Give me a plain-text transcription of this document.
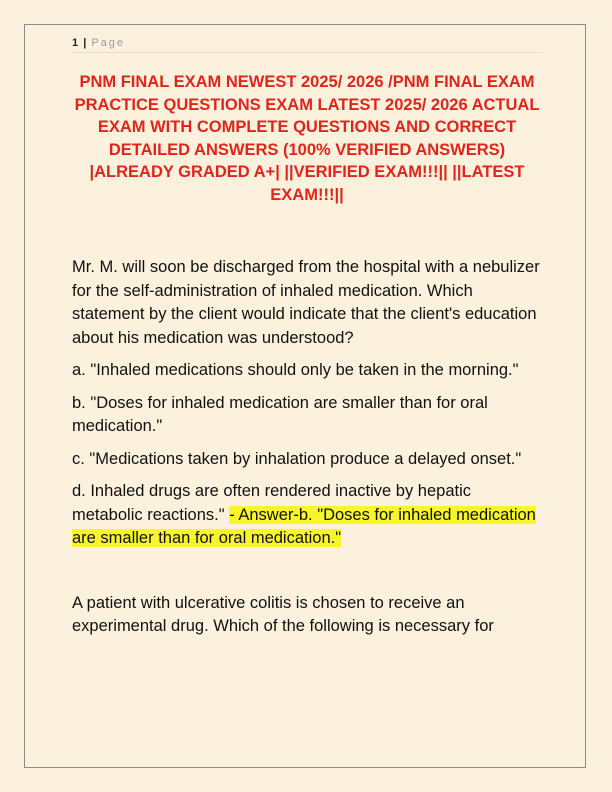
1 | Page
PNM FINAL EXAM NEWEST 2025/ 2026 /PNM FINAL EXAM PRACTICE QUESTIONS EXAM LATEST 2025/ 2026 ACTUAL EXAM WITH COMPLETE QUESTIONS AND CORRECT DETAILED ANSWERS (100% VERIFIED ANSWERS) |ALREADY GRADED A+| ||VERIFIED EXAM!!!|| ||LATEST EXAM!!!||

Mr. M. will soon be discharged from the hospital with a nebulizer for the self-administration of inhaled medication. Which statement by the client would indicate that the client's education about his medication was understood?

a. "Inhaled medications should only be taken in the morning."

b. "Doses for inhaled medication are smaller than for oral medication."

c. "Medications taken by inhalation produce a delayed onset."

d. Inhaled drugs are often rendered inactive by hepatic metabolic reactions." - Answer-b. "Doses for inhaled medication are smaller than for oral medication."

A patient with ulcerative colitis is chosen to receive an experimental drug. Which of the following is necessary for
